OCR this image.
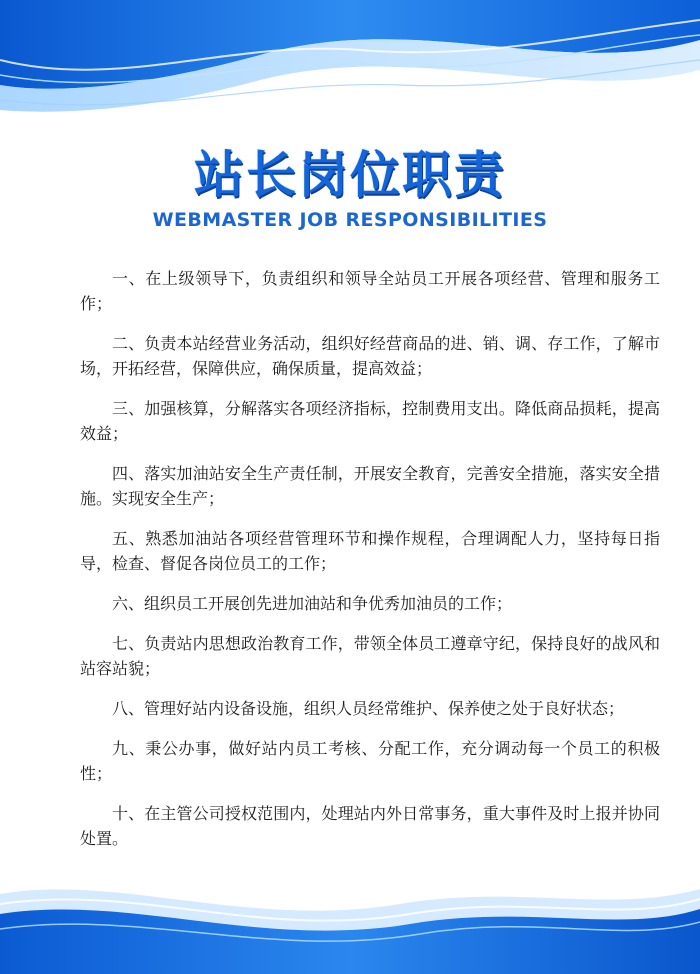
站长岗位职责
WEBMASTER JOB RESPONSIBILITIES

一、在上级领导下，负责组织和领导全站员工开展各项经营、管理和服务工作；

二、负责本站经营业务活动，组织好经营商品的进、销、调、存工作，了解市场，开拓经营，保障供应，确保质量，提高效益；

三、加强核算，分解落实各项经济指标，控制费用支出。降低商品损耗，提高效益；

四、落实加油站安全生产责任制，开展安全教育，完善安全措施，落实安全措施。实现安全生产；

五、熟悉加油站各项经营管理环节和操作规程，合理调配人力，坚持每日指导，检查、督促各岗位员工的工作；

六、组织员工开展创先进加油站和争优秀加油员的工作；

七、负责站内思想政治教育工作，带领全体员工遵章守纪，保持良好的战风和站容站貌；

八、管理好站内设备设施，组织人员经常维护、保养使之处于良好状态；

九、秉公办事，做好站内员工考核、分配工作，充分调动每一个员工的积极性；

十、在主管公司授权范围内，处理站内外日常事务，重大事件及时上报并协同处置。
